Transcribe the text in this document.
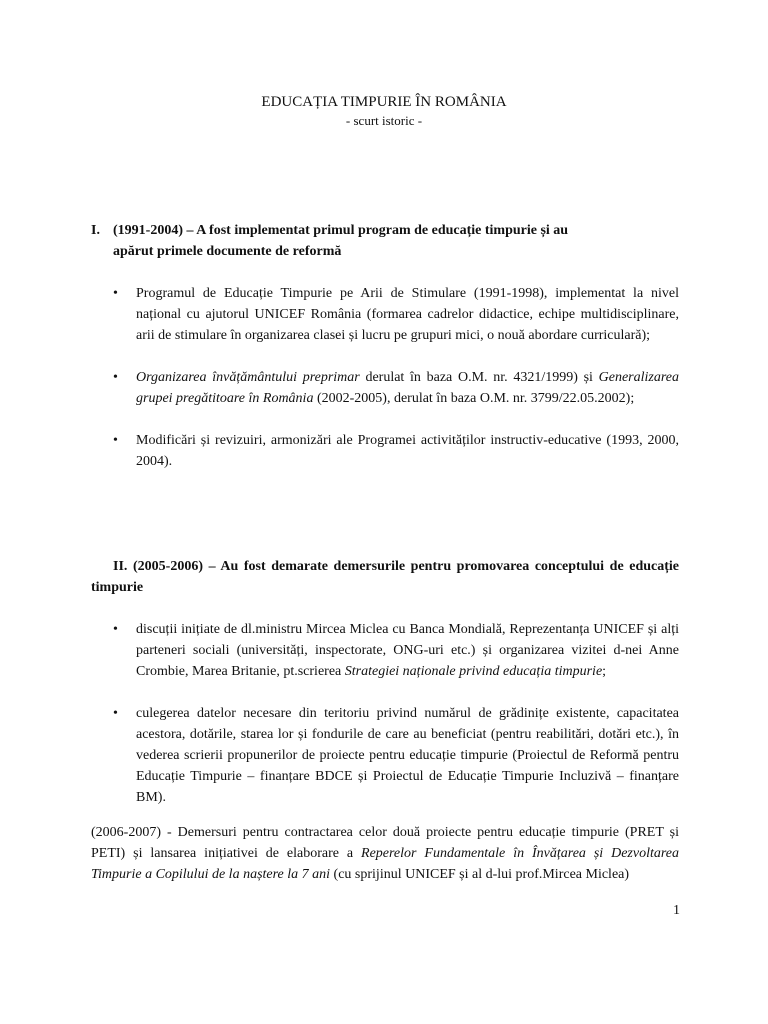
EDUCAȚIA TIMPURIE ÎN ROMÂNIA

- scurt istoric -

I. (1991-2004) – A fost implementat primul program de educație timpurie și au
apărut primele documente de reformă

• Programul de Educație Timpurie pe Arii de Stimulare (1991-1998), implementat la nivel național cu ajutorul UNICEF România (formarea cadrelor didactice, echipe multidisciplinare, arii de stimulare în organizarea clasei și lucru pe grupuri mici, o nouă abordare curriculară);
• Organizarea învățământului preprimar derulat în baza O.M. nr. 4321/1999) și Generalizarea grupei pregătitoare în România (2002-2005), derulat în baza O.M. nr. 3799/22.05.2002);
• Modificări și revizuiri, armonizări ale Programei activităților instructiv-educative (1993, 2000, 2004).

II. (2005-2006) – Au fost demarate demersurile pentru promovarea conceptului de educație timpurie

• discuții inițiate de dl.ministru Mircea Miclea cu Banca Mondială, Reprezentanța UNICEF și alți parteneri sociali (universități, inspectorate, ONG-uri etc.) și organizarea vizitei d-nei Anne Crombie, Marea Britanie, pt.scrierea Strategiei naționale privind educația timpurie;
• culegerea datelor necesare din teritoriu privind numărul de grădinițe existente, capacitatea acestora, dotările, starea lor și fondurile de care au beneficiat (pentru reabilitări, dotări etc.), în vederea scrierii propunerilor de proiecte pentru educație timpurie (Proiectul de Reformă pentru Educație Timpurie – finanțare BDCE și Proiectul de Educație Timpurie Incluzivă – finanțare BM).

(2006-2007) - Demersuri pentru contractarea celor două proiecte pentru educație timpurie (PRET și PETI) și lansarea inițiativei de elaborare a Reperelor Fundamentale în Învățarea și Dezvoltarea Timpurie a Copilului de la naștere la 7 ani (cu sprijinul UNICEF și al d-lui prof.Mircea Miclea)

1
